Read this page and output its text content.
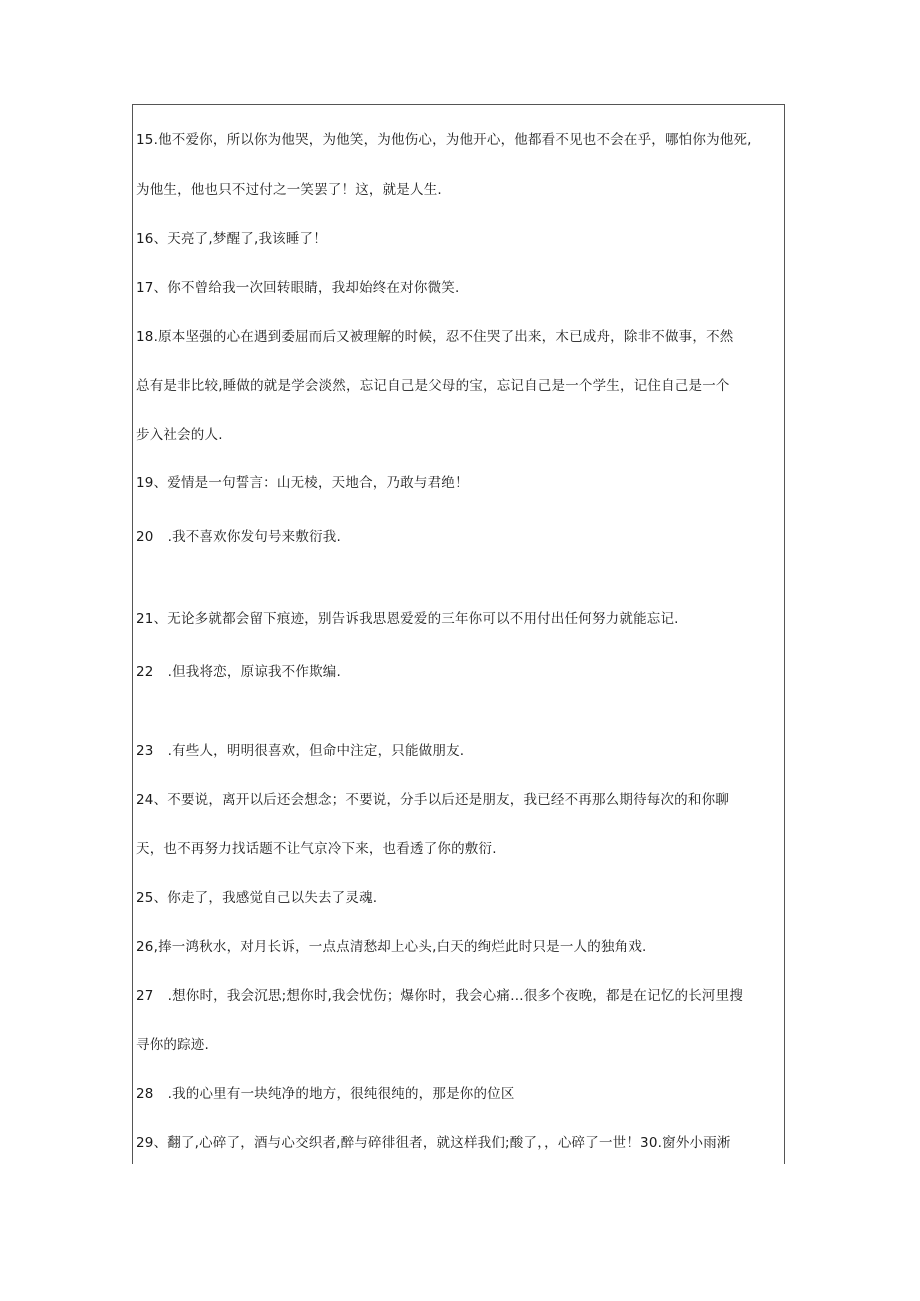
15.他不爱你，所以你为他哭，为他笑，为他伤心，为他开心，他都看不见也不会在乎，哪怕你为他死,
为他生，他也只不过付之一笑罢了！这，就是人生.
16、天亮了,梦醒了,我该睡了！
17、你不曾给我一次回转眼睛，我却始终在对你微笑.
18.原本坚强的心在遇到委屈而后又被理解的时候，忍不住哭了出来，木已成舟，除非不做事，不然
总有是非比较,睡做的就是学会淡然，忘记自己是父母的宝，忘记自己是一个学生，记住自己是一个
步入社会的人.
19、爱情是一句誓言：山无棱，天地合，乃敢与君绝！
20 .我不喜欢你发句号来敷衍我.
21、无论多就都会留下痕迹，别告诉我思恩爱爱的三年你可以不用付出任何努力就能忘记.
22 .但我将恋，原谅我不作欺编.
23 .有些人，明明很喜欢，但命中注定，只能做朋友.
24、不要说，离开以后还会想念；不要说，分手以后还是朋友，我已经不再那么期待每次的和你聊
天，也不再努力找话题不让气京冷下来，也看透了你的敷衍.
25、你走了，我感觉自己以失去了灵魂.
26,捧一鸿秋水，对月长诉，一点点清愁却上心头,白天的绚烂此时只是一人的独角戏.
27 .想你时，我会沉思;想你时,我会忧伤；爆你时，我会心痛…很多个夜晚，都是在记忆的长河里搜
寻你的踪迹.
28 .我的心里有一块纯净的地方，很纯很纯的，那是你的位区
29、翻了,心碎了，酒与心交织者,醉与碎徘徂者，就这样我们;酸了，，心碎了一世！30.窗外小雨淅
